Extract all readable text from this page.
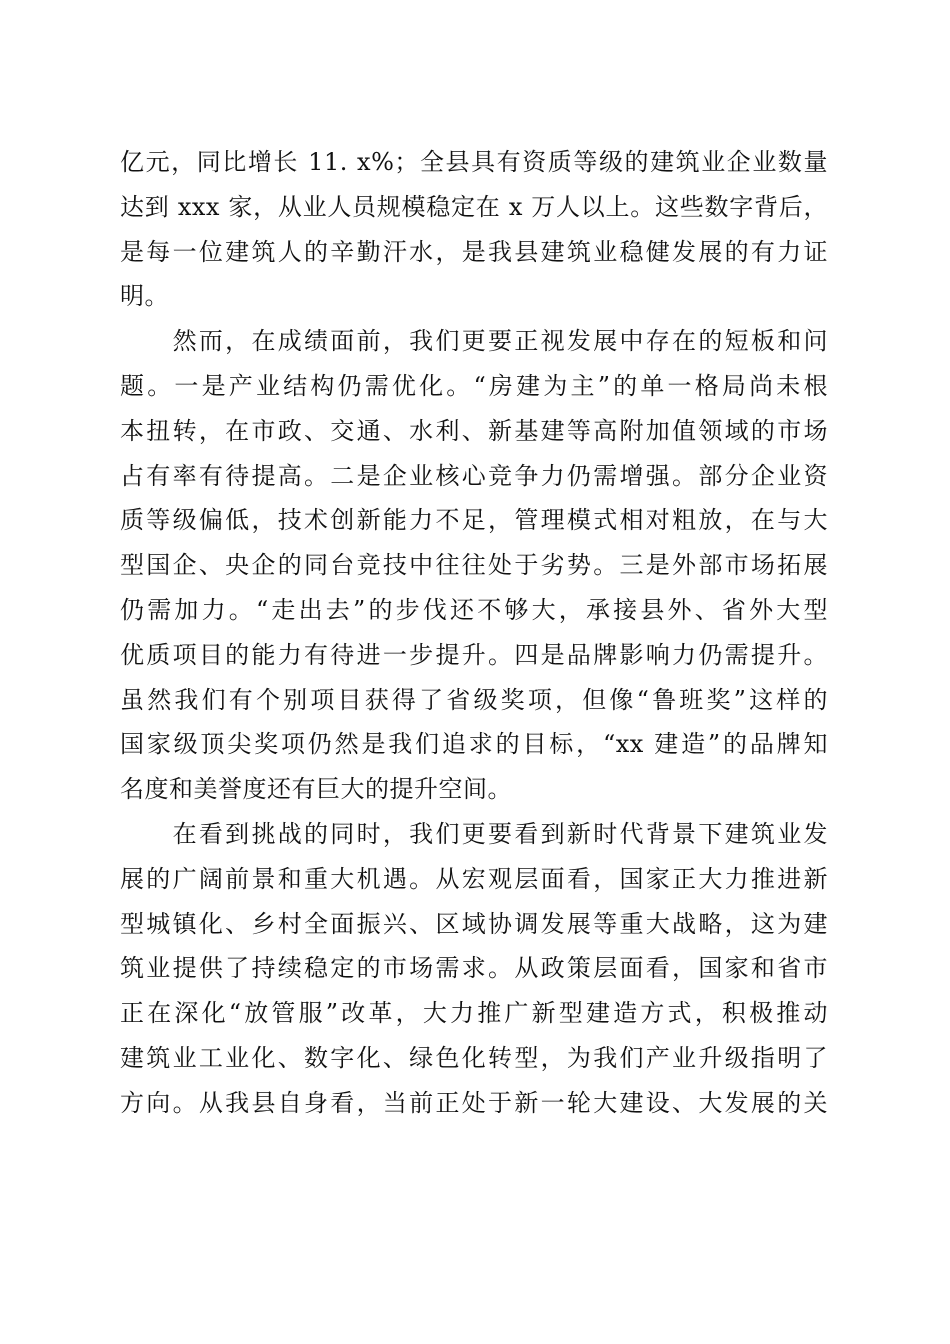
亿元，同比增长 11. x%；全县具有资质等级的建筑业企业数量
达到 xxx 家，从业人员规模稳定在 x 万人以上。这些数字背后，
是每一位建筑人的辛勤汗水，是我县建筑业稳健发展的有力证
明。
　　然而，在成绩面前，我们更要正视发展中存在的短板和问
题。一是产业结构仍需优化。“房建为主”的单一格局尚未根
本扭转，在市政、交通、水利、新基建等高附加值领域的市场
占有率有待提高。二是企业核心竞争力仍需增强。部分企业资
质等级偏低，技术创新能力不足，管理模式相对粗放，在与大
型国企、央企的同台竞技中往往处于劣势。三是外部市场拓展
仍需加力。“走出去”的步伐还不够大，承接县外、省外大型
优质项目的能力有待进一步提升。四是品牌影响力仍需提升。
虽然我们有个别项目获得了省级奖项，但像“鲁班奖”这样的
国家级顶尖奖项仍然是我们追求的目标，“xx 建造”的品牌知
名度和美誉度还有巨大的提升空间。
　　在看到挑战的同时，我们更要看到新时代背景下建筑业发
展的广阔前景和重大机遇。从宏观层面看，国家正大力推进新
型城镇化、乡村全面振兴、区域协调发展等重大战略，这为建
筑业提供了持续稳定的市场需求。从政策层面看，国家和省市
正在深化“放管服”改革，大力推广新型建造方式，积极推动
建筑业工业化、数字化、绿色化转型，为我们产业升级指明了
方向。从我县自身看，当前正处于新一轮大建设、大发展的关
